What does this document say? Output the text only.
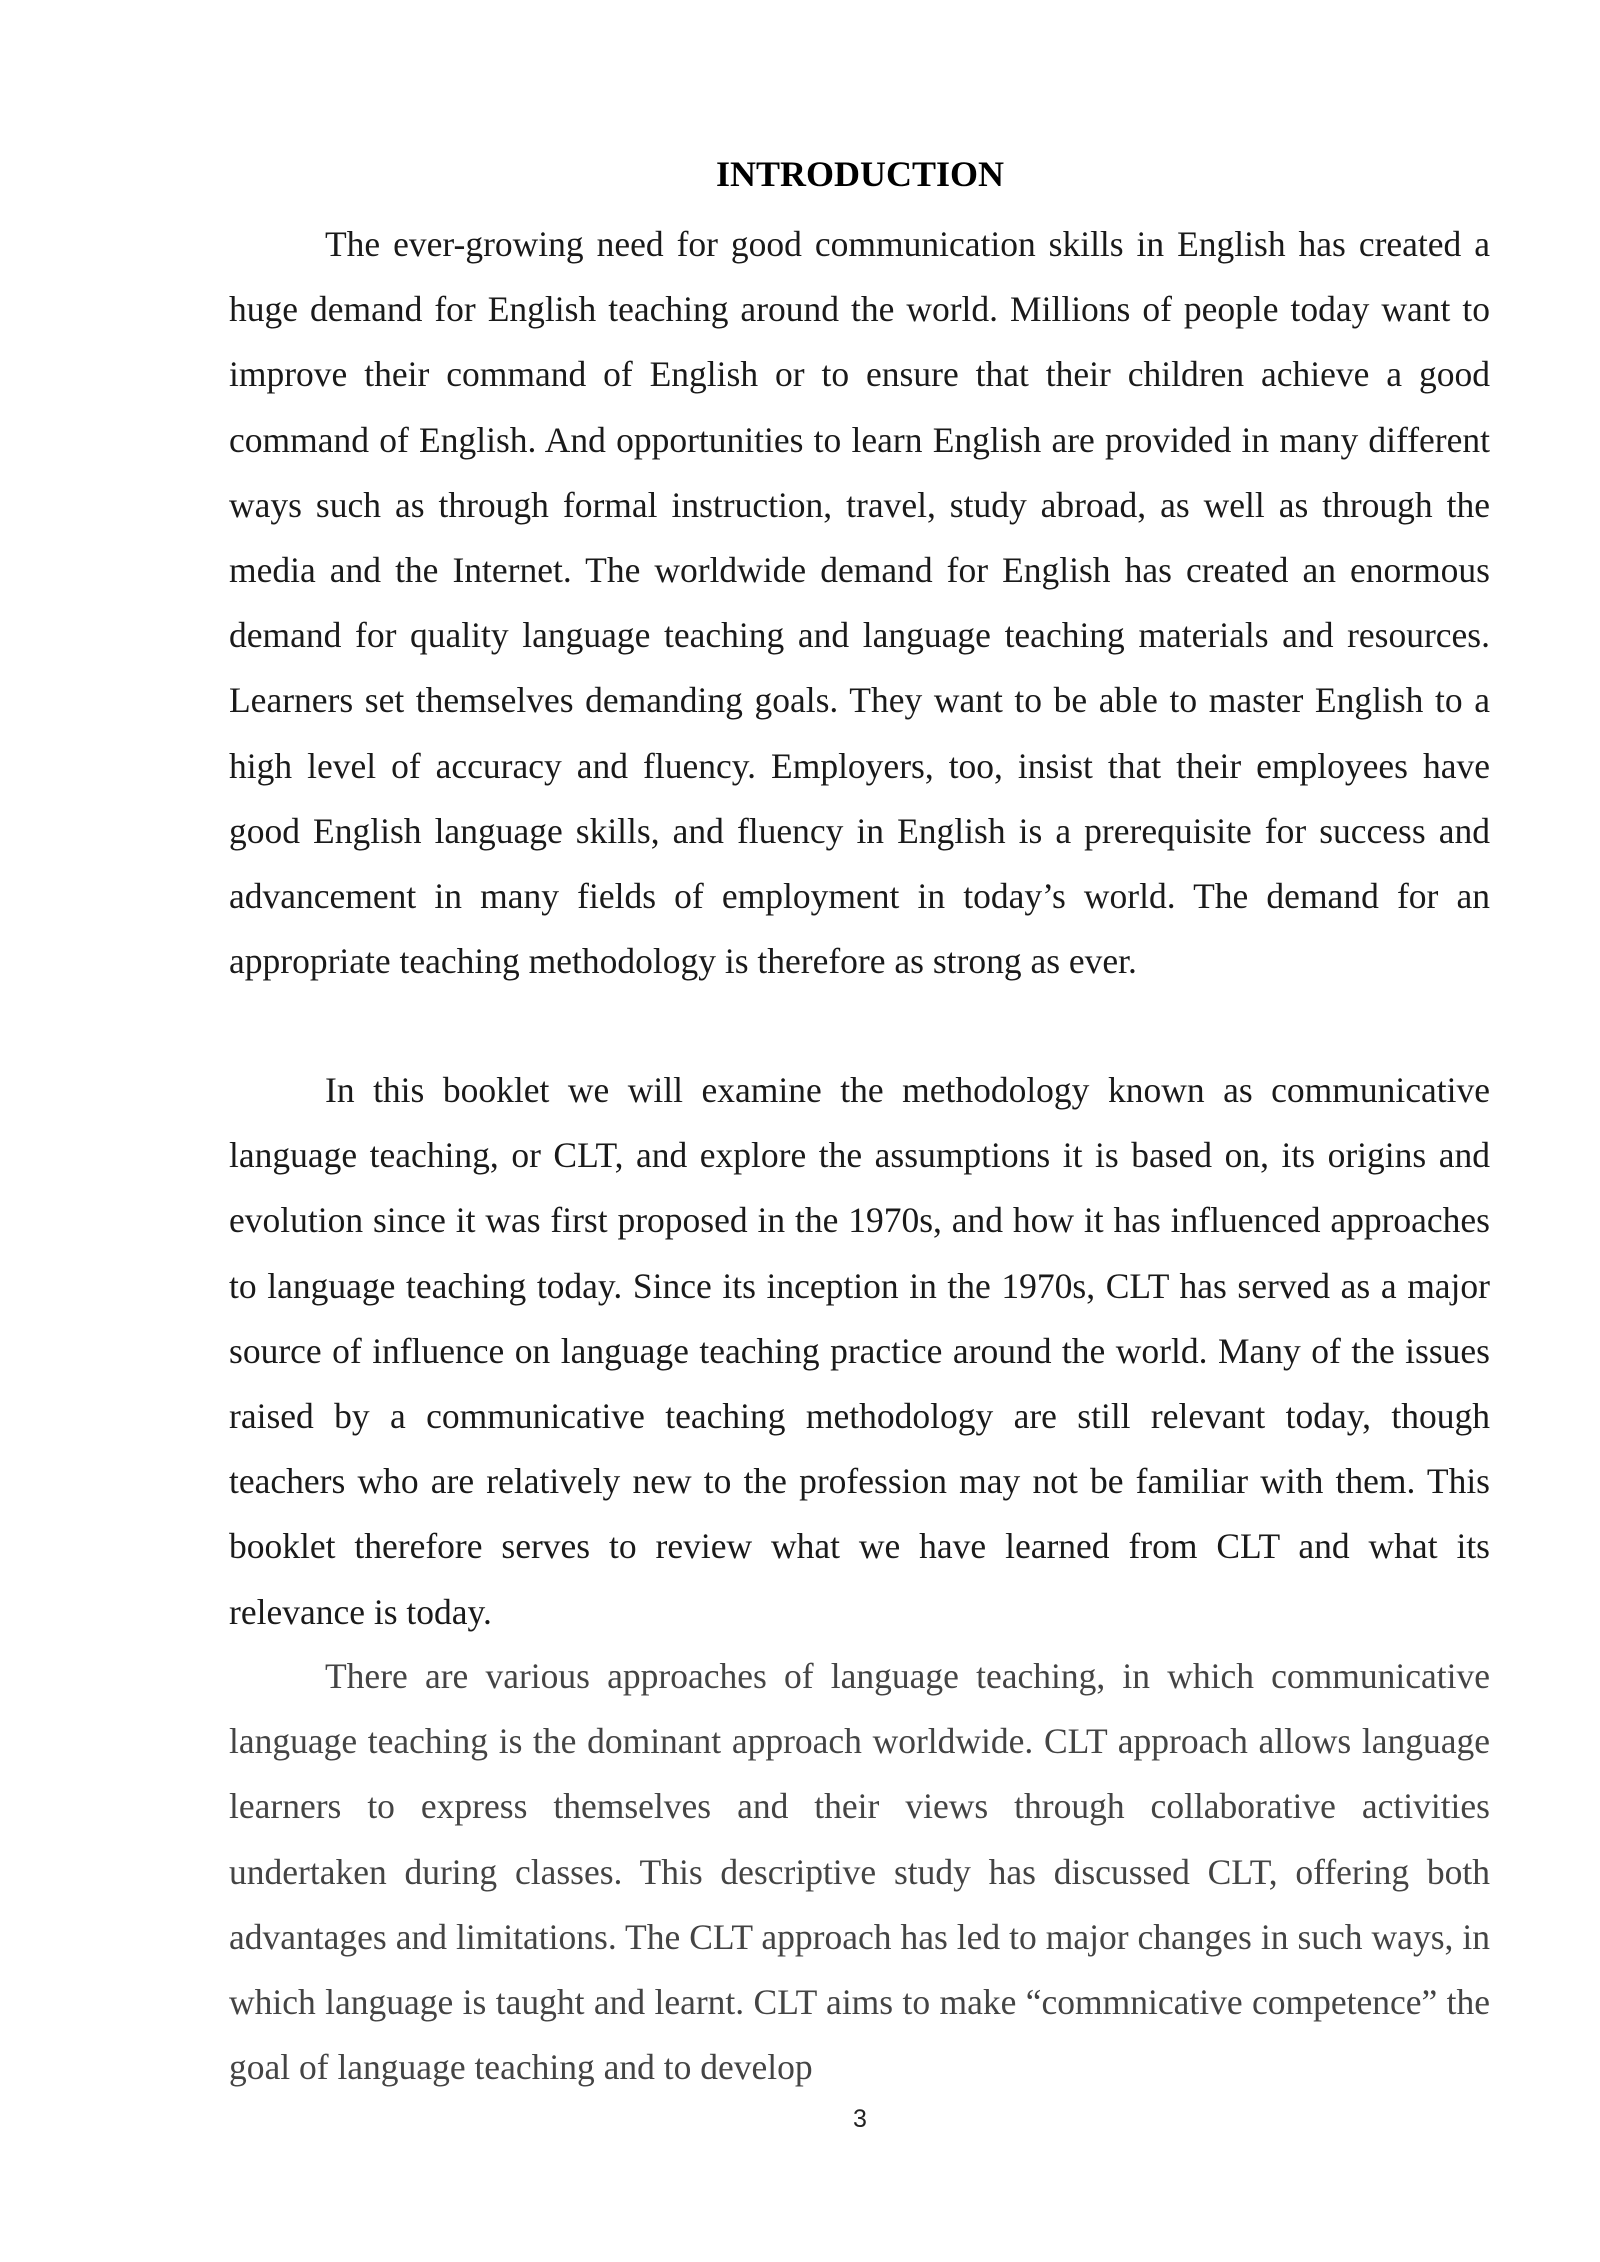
INTRODUCTION

The ever-growing need for good communication skills in English has created a huge demand for English teaching around the world. Millions of people today want to improve their command of English or to ensure that their children achieve a good command of English. And opportunities to learn English are provided in many different ways such as through formal instruction, travel, study abroad, as well as through the media and the Internet. The worldwide demand for English has created an enormous demand for quality language teaching and language teaching materials and resources. Learners set themselves demanding goals. They want to be able to master English to a high level of accuracy and fluency. Employers, too, insist that their employees have good English language skills, and fluency in English is a prerequisite for success and advancement in many fields of employment in today’s world. The demand for an appropriate teaching methodology is therefore as strong as ever.

In this booklet we will examine the methodology known as communicative language teaching, or CLT, and explore the assumptions it is based on, its origins and evolution since it was first proposed in the 1970s, and how it has influenced approaches to language teaching today. Since its inception in the 1970s, CLT has served as a major source of influence on language teaching practice around the world. Many of the issues raised by a communicative teaching methodology are still relevant today, though teachers who are relatively new to the profession may not be familiar with them. This booklet therefore serves to review what we have learned from CLT and what its relevance is today.

There are various approaches of language teaching, in which communicative language teaching is the dominant approach worldwide. CLT approach allows language learners to express themselves and their views through collaborative activities undertaken during classes. This descriptive study has discussed CLT, offering both advantages and limitations. The CLT approach has led to major changes in such ways, in which language is taught and learnt. CLT aims to make “commnicative competence” the goal of language teaching and to develop

3
